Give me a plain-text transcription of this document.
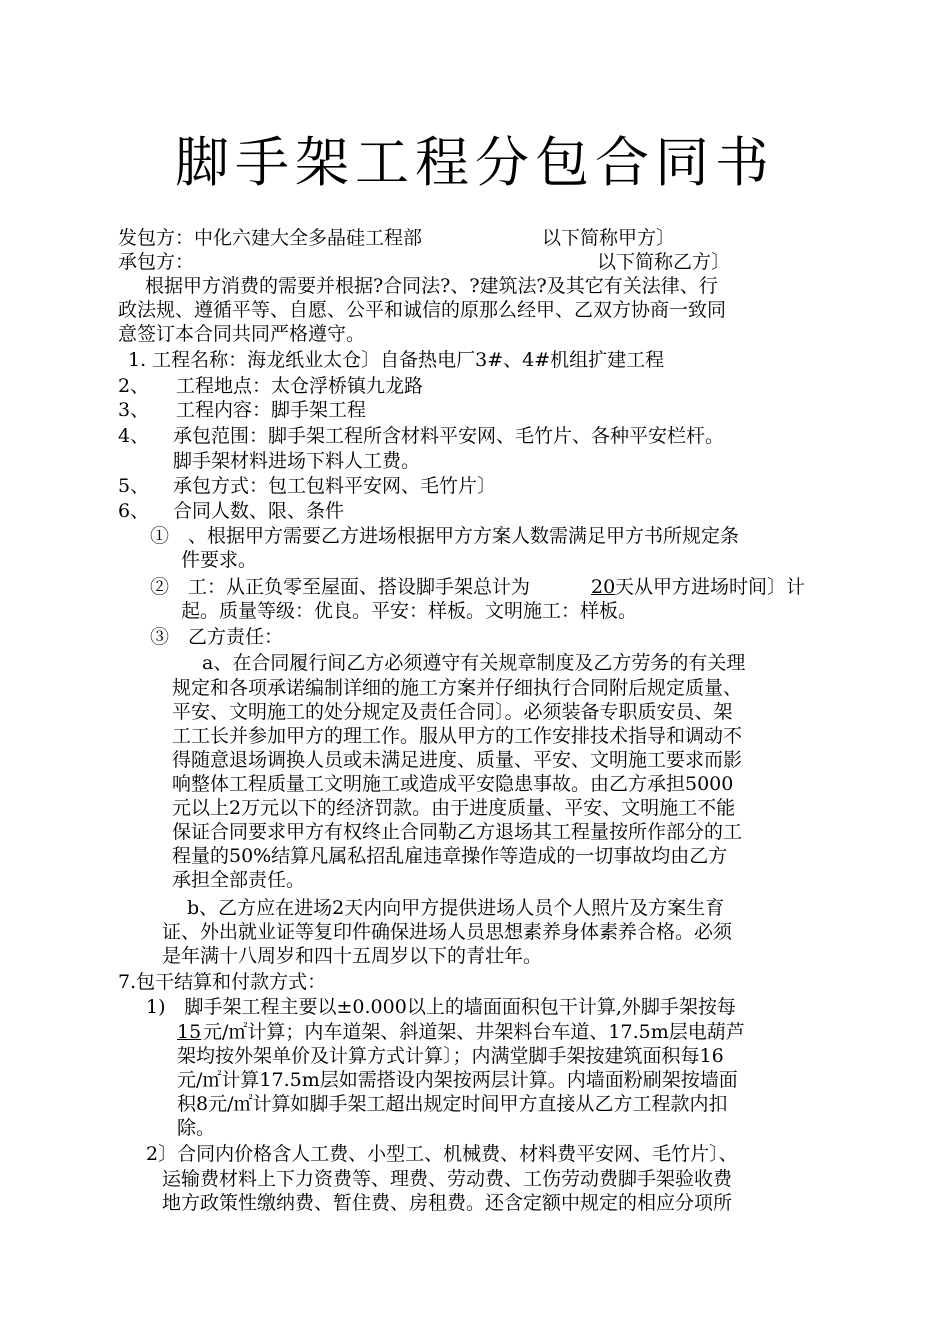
脚手架工程分包合同书
发包方：中化六建大全多晶硅工程部	以下简称甲方〕
承包方：	以下简称乙方〕
根据甲方消费的需要并根据?合同法?、?建筑法?及其它有关法律、行
政法规、遵循平等、自愿、公平和诚信的原那么经甲、乙双方协商一致同
意签订本合同共同严格遵守。
1. 工程名称：海龙纸业太仓〕自备热电厂3#、4#机组扩建工程
2、 工程地点：太仓浮桥镇九龙路
3、 工程内容：脚手架工程
4、 承包范围：脚手架工程所含材料平安网、毛竹片、各种平安栏杆。
脚手架材料进场下料人工费。
5、 承包方式：包工包料平安网、毛竹片〕
6、 合同人数、限、条件
①　、根据甲方需要乙方进场根据甲方方案人数需满足甲方书所规定条
件要求。
②　工：从正负零至屋面、搭设脚手架总计为	20 天从甲方进场时间〕计
起。质量等级：优良。平安：样板。文明施工：样板。
③　乙方责任：
a、在合同履行间乙方必须遵守有关规章制度及乙方劳务的有关理
规定和各项承诺编制详细的施工方案并仔细执行合同附后规定质量、
平安、文明施工的处分规定及责任合同〕。必须装备专职质安员、架
工工长并参加甲方的理工作。服从甲方的工作安排技术指导和调动不
得随意退场调换人员或未满足进度、质量、平安、文明施工要求而影
响整体工程质量工文明施工或造成平安隐患事故。由乙方承担5000
元以上2万元以下的经济罚款。由于进度质量、平安、文明施工不能
保证合同要求甲方有权终止合同勒乙方退场其工程量按所作部分的工
程量的50%结算凡属私招乱雇违章操作等造成的一切事故均由乙方
承担全部责任。
b、乙方应在进场2天内向甲方提供进场人员个人照片及方案生育
证、外出就业证等复印件确保进场人员思想素养身体素养合格。必须
是年满十八周岁和四十五周岁以下的青壮年。
7.包干结算和付款方式：
1)　脚手架工程主要以±0.000以上的墙面面积包干计算,外脚手架按每
15 元/㎡计算；内车道架、斜道架、井架料台车道、17.5m层电葫芦
架均按外架单价及计算方式计算〕；内满堂脚手架按建筑面积每16
元/㎡计算17.5m层如需搭设内架按两层计算。内墙面粉刷架按墙面
积8元/㎡计算如脚手架工超出规定时间甲方直接从乙方工程款内扣
除。
2〕合同内价格含人工费、小型工、机械费、材料费平安网、毛竹片〕、
运输费材料上下力资费等、理费、劳动费、工伤劳动费脚手架验收费
地方政策性缴纳费、暂住费、房租费。还含定额中规定的相应分项所
